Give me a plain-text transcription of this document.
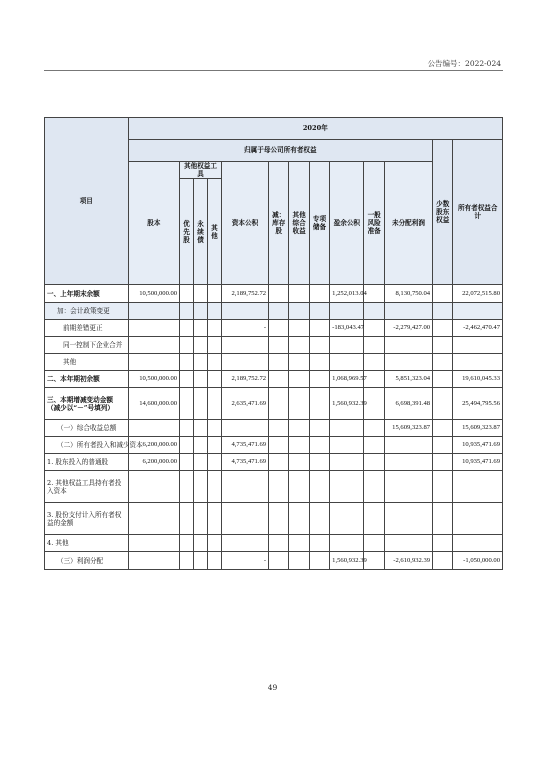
公告编号：2022-024
项目	2020年												
	归属于母公司所有者权益											少数股东权益	所有者权益合计
	股本	其他权益工具			资本公积	减：库存股	其他综合收益	专项储备	盈余公积	一般风险准备	未分配利润		
		优先股	永续债	其他									
一、上年期末余额	10,500,000.00				2,189,752.72				1,252,013.04		8,130,750.04		22,072,515.80
加：会计政策变更													
前期差错更正					-				-183,043.47		-2,279,427.00		-2,462,470.47
同一控制下企业合并													
其他													
二、本年期初余额	10,500,000.00				2,189,752.72				1,068,969.57		5,851,323.04		19,610,045.33
三、本期增减变动金额（减少以“－”号填列）	14,600,000.00				2,635,471.69				1,560,932.39		6,698,391.48		25,494,795.56
（一）综合收益总额											15,609,323.87		15,609,323.87
（二）所有者投入和减少资本	6,200,000.00				4,735,471.69								10,935,471.69
1. 股东投入的普通股	6,200,000.00				4,735,471.69								10,935,471.69
2. 其他权益工具持有者投入资本													
3. 股份支付计入所有者权益的金额													
4. 其他													
（三）利润分配					-				1,560,932.39		-2,610,932.39		-1,050,000.00
49
